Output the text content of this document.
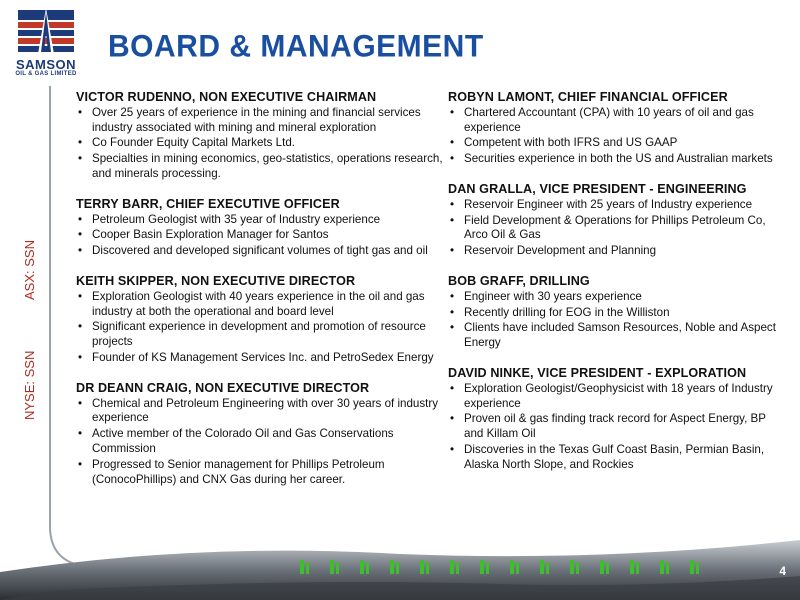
SAMSON
OIL & GAS LIMITED
BOARD & MANAGEMENT
ASX: SSN
NYSE: SSN
VICTOR RUDENNO, NON EXECUTIVE CHAIRMAN
• Over 25 years of experience in the mining and financial services industry associated with mining and mineral exploration
• Co Founder Equity Capital Markets Ltd.
• Specialties in mining economics, geo-statistics, operations research, and minerals processing.
TERRY BARR, CHIEF EXECUTIVE OFFICER
• Petroleum Geologist with 35 year of Industry experience
• Cooper Basin Exploration Manager for Santos
• Discovered and developed significant volumes of tight gas and oil
KEITH SKIPPER, NON EXECUTIVE DIRECTOR
• Exploration Geologist with 40 years experience in the oil and gas industry at both the operational and board level
• Significant experience in development and promotion of resource projects
• Founder of KS Management Services Inc. and PetroSedex Energy
DR DEANN CRAIG, NON EXECUTIVE DIRECTOR
• Chemical and Petroleum Engineering with over 30 years of industry experience
• Active member of the Colorado Oil and Gas Conservations Commission
• Progressed to Senior management for Phillips Petroleum (ConocoPhillips) and CNX Gas during her career.
ROBYN LAMONT, CHIEF FINANCIAL OFFICER
• Chartered Accountant (CPA) with 10 years of oil and gas experience
• Competent with both IFRS and US GAAP
• Securities experience in both the US and Australian markets
DAN GRALLA, VICE PRESIDENT - ENGINEERING
• Reservoir Engineer with 25 years of Industry experience
• Field Development & Operations for Phillips Petroleum Co, Arco Oil & Gas
• Reservoir Development and Planning
BOB GRAFF, DRILLING
• Engineer with 30 years experience
• Recently drilling for EOG in the Williston
• Clients have included Samson Resources, Noble and Aspect Energy
DAVID NINKE, VICE PRESIDENT - EXPLORATION
• Exploration Geologist/Geophysicist with 18 years of Industry experience
• Proven oil & gas finding track record for Aspect Energy, BP and Killam Oil
• Discoveries in the Texas Gulf Coast Basin, Permian Basin, Alaska North Slope, and Rockies
4
